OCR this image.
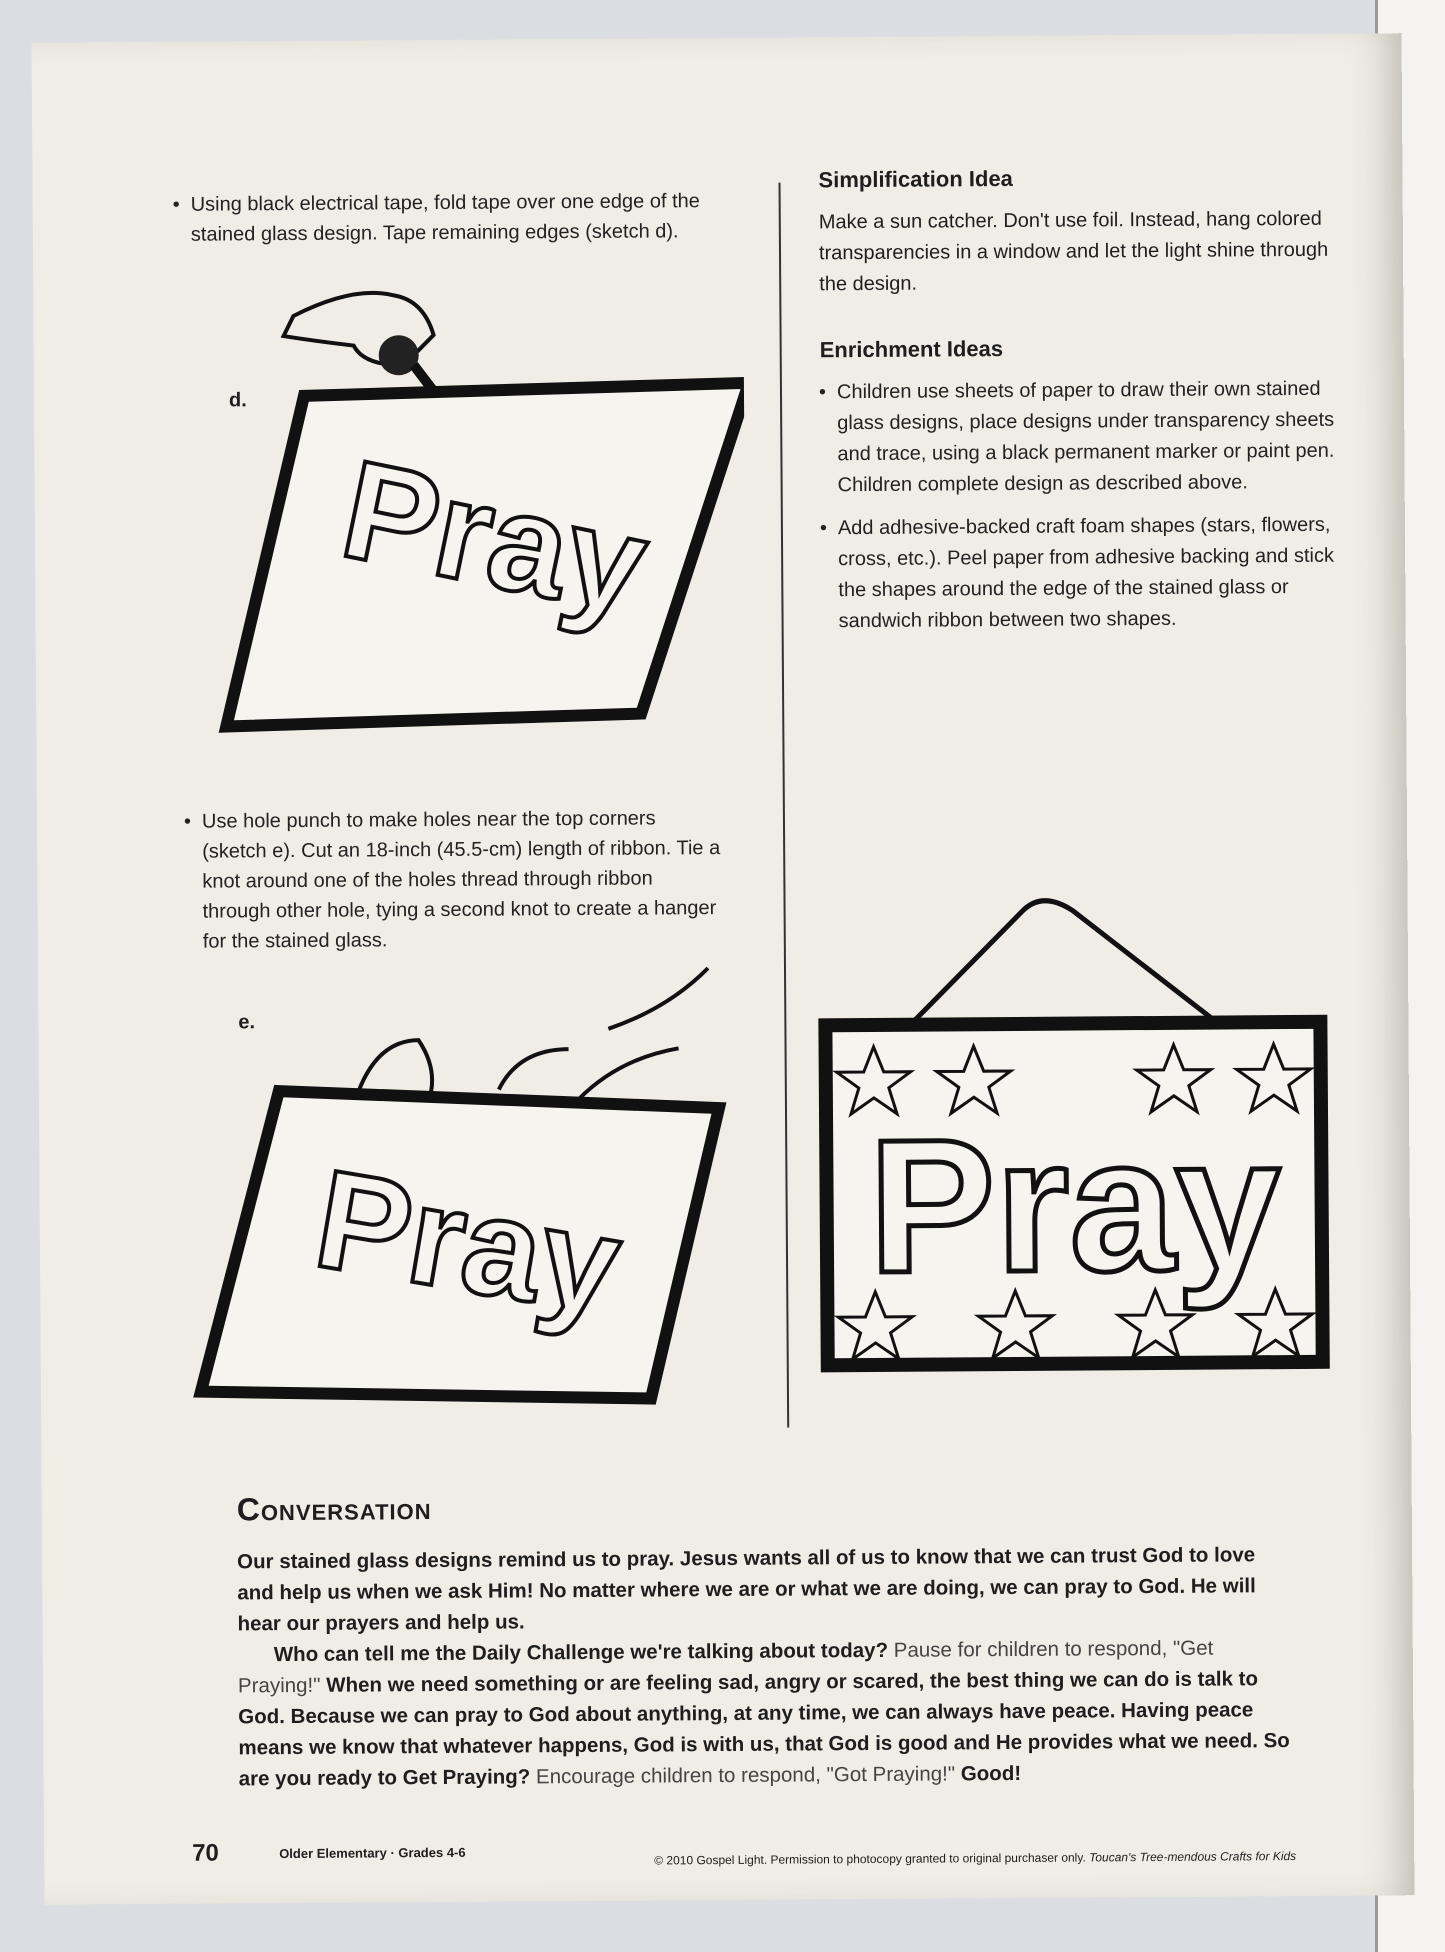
• Using black electrical tape, fold tape over one edge of the stained glass design. Tape remaining edges (sketch d).
d.
Pray
• Use hole punch to make holes near the top corners (sketch e). Cut an 18-inch (45.5-cm) length of ribbon. Tie a knot around one of the holes thread through ribbon through other hole, tying a second knot to create a hanger for the stained glass.
e.
Pray
Simplification Idea
Make a sun catcher. Don't use foil. Instead, hang colored transparencies in a window and let the light shine through the design.
Enrichment Ideas
• Children use sheets of paper to draw their own stained glass designs, place designs under transparency sheets and trace, using a black permanent marker or paint pen. Children complete design as described above.
• Add adhesive-backed craft foam shapes (stars, flowers, cross, etc.). Peel paper from adhesive backing and stick the shapes around the edge of the stained glass or sandwich ribbon between two shapes.
Pray
Conversation
Our stained glass designs remind us to pray. Jesus wants all of us to know that we can trust God to love and help us when we ask Him! No matter where we are or what we are doing, we can pray to God. He will hear our prayers and help us.
Who can tell me the Daily Challenge we're talking about today? Pause for children to respond, "Get Praying!" When we need something or are feeling sad, angry or scared, the best thing we can do is talk to God. Because we can pray to God about anything, at any time, we can always have peace. Having peace means we know that whatever happens, God is with us, that God is good and He provides what we need. So are you ready to Get Praying? Encourage children to respond, "Got Praying!" Good!
70	Older Elementary · Grades 4-6	© 2010 Gospel Light. Permission to photocopy granted to original purchaser only. Toucan's Tree-mendous Crafts for Kids
